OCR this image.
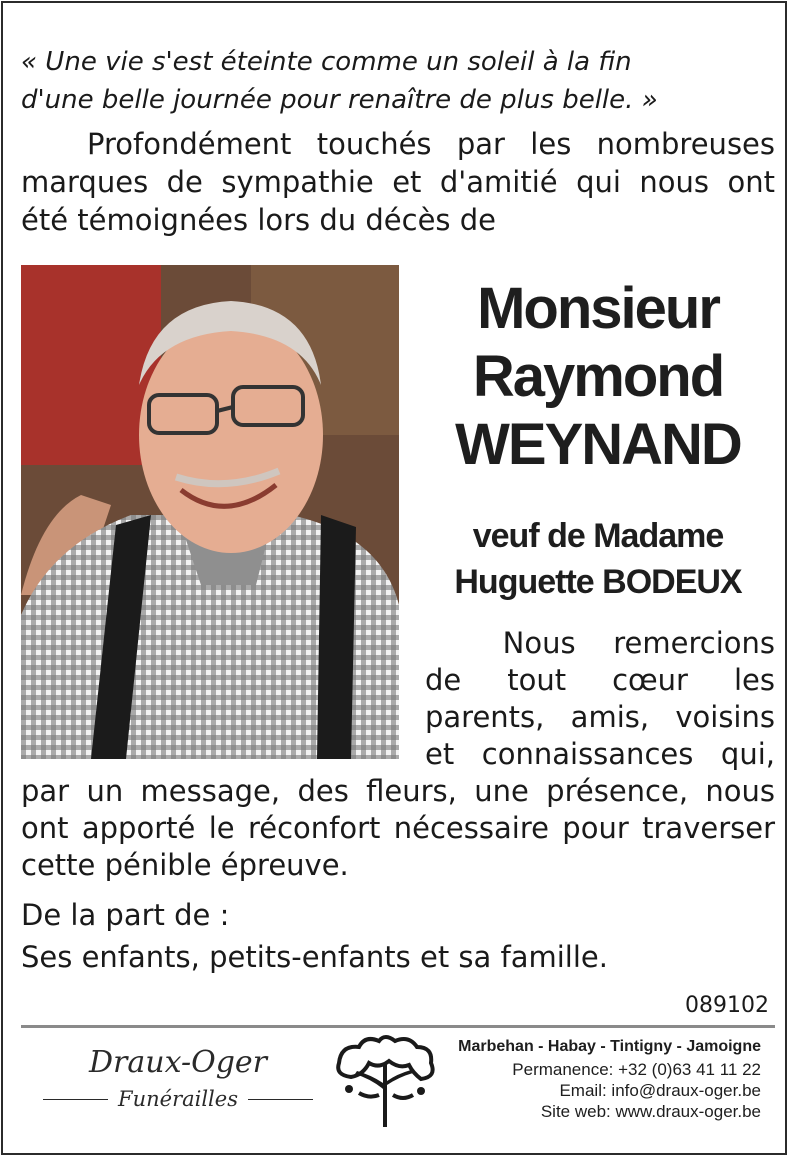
« Une vie s'est éteinte comme un soleil à la fin
d'une belle journée pour renaître de plus belle. »

Profondément touchés par les nombreuses
marques de sympathie et d'amitié qui nous ont
été témoignées lors du décès de
Monsieur
Raymond
WEYNAND
veuf de Madame
Huguette BODEUX
Nous remercions
de tout cœur les
parents, amis, voisins
et connaissances qui,
par un message, des fleurs, une présence, nous
ont apporté le réconfort nécessaire pour traverser
cette pénible épreuve.

De la part de :

Ses enfants, petits-enfants et sa famille.

089102
Draux-Oger
Funérailles
Marbehan - Habay - Tintigny - Jamoigne
Permanence: +32 (0)63 41 11 22
Email: info@draux-oger.be
Site web: www.draux-oger.be
